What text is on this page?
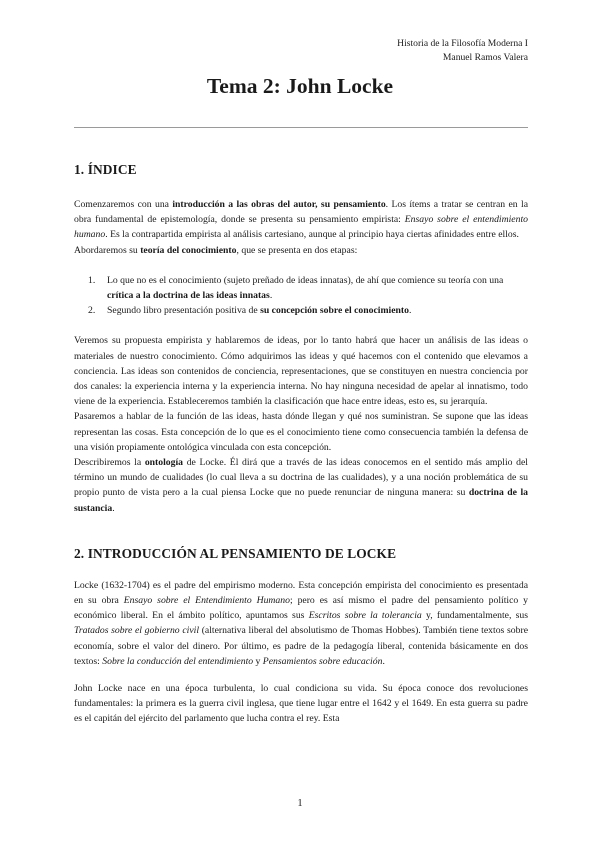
Historia de la Filosofía Moderna I
Manuel Ramos Valera
Tema 2: John Locke
1. ÍNDICE

Comenzaremos con una introducción a las obras del autor, su pensamiento. Los ítems a tratar se centran en la obra fundamental de epistemología, donde se presenta su pensamiento empirista: Ensayo sobre el entendimiento humano. Es la contrapartida empirista al análisis cartesiano, aunque al principio haya ciertas afinidades entre ellos.

Abordaremos su teoría del conocimiento, que se presenta en dos etapas:

1. Lo que no es el conocimiento (sujeto preñado de ideas innatas), de ahí que comience su teoría con una crítica a la doctrina de las ideas innatas.
2. Segundo libro presentación positiva de su concepción sobre el conocimiento.

Veremos su propuesta empirista y hablaremos de ideas, por lo tanto habrá que hacer un análisis de las ideas o materiales de nuestro conocimiento. Cómo adquirimos las ideas y qué hacemos con el contenido que elevamos a conciencia. Las ideas son contenidos de conciencia, representaciones, que se constituyen en nuestra conciencia por dos canales: la experiencia interna y la experiencia interna. No hay ninguna necesidad de apelar al innatismo, todo viene de la experiencia. Estableceremos también la clasificación que hace entre ideas, esto es, su jerarquía.

Pasaremos a hablar de la función de las ideas, hasta dónde llegan y qué nos suministran. Se supone que las ideas representan las cosas. Esta concepción de lo que es el conocimiento tiene como consecuencia también la defensa de una visión propiamente ontológica vinculada con esta concepción.

Describiremos la ontología de Locke. Él dirá que a través de las ideas conocemos en el sentido más amplio del término un mundo de cualidades (lo cual lleva a su doctrina de las cualidades), y a una noción problemática de su propio punto de vista pero a la cual piensa Locke que no puede renunciar de ninguna manera: su doctrina de la sustancia.

2. INTRODUCCIÓN AL PENSAMIENTO DE LOCKE

Locke (1632-1704) es el padre del empirismo moderno. Esta concepción empirista del conocimiento es presentada en su obra Ensayo sobre el Entendimiento Humano; pero es así mismo el padre del pensamiento político y económico liberal. En el ámbito político, apuntamos sus Escritos sobre la tolerancia y, fundamentalmente, sus Tratados sobre el gobierno civil (alternativa liberal del absolutismo de Thomas Hobbes). También tiene textos sobre economía, sobre el valor del dinero. Por último, es padre de la pedagogía liberal, contenida básicamente en dos textos: Sobre la conducción del entendimiento y Pensamientos sobre educación.

John Locke nace en una época turbulenta, lo cual condiciona su vida. Su época conoce dos revoluciones fundamentales: la primera es la guerra civil inglesa, que tiene lugar entre el 1642 y el 1649. En esta guerra su padre es el capitán del ejército del parlamento que lucha contra el rey. Esta

1
